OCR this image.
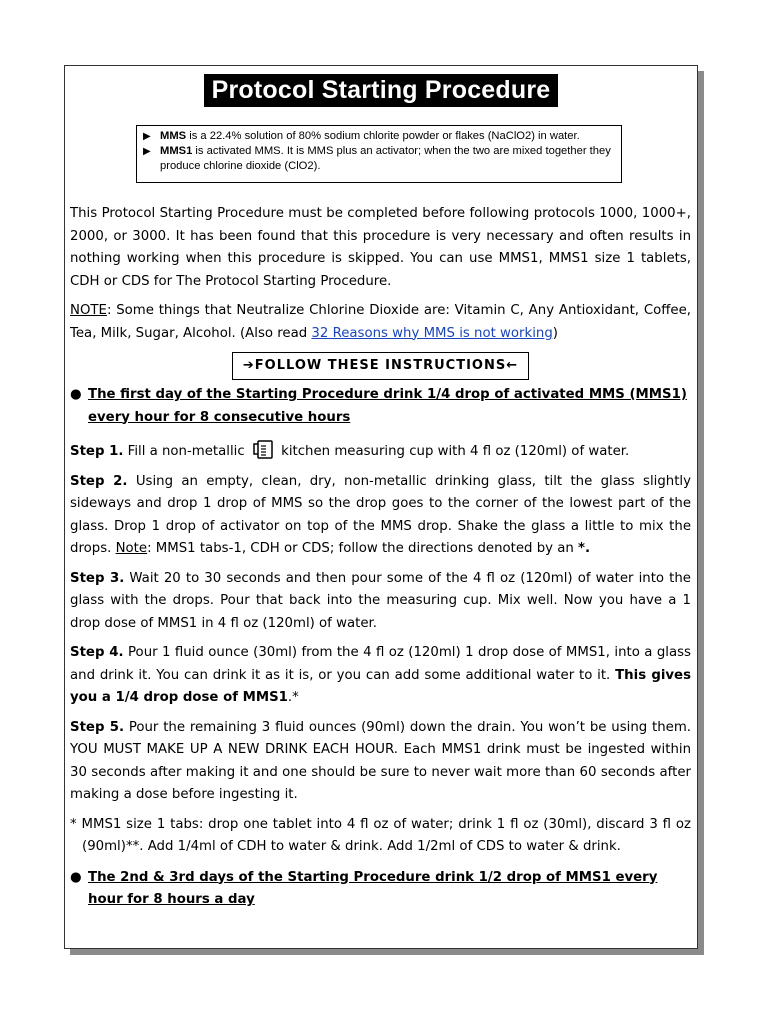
Protocol Starting Procedure
▶ MMS is a 22.4% solution of 80% sodium chlorite powder or flakes (NaClO2) in water.
▶ MMS1 is activated MMS. It is MMS plus an activator; when the two are mixed together they produce chlorine dioxide (ClO2).

This Protocol Starting Procedure must be completed before following protocols 1000, 1000+, 2000, or 3000. It has been found that this procedure is very necessary and often results in nothing working when this procedure is skipped. You can use MMS1, MMS1 size 1 tablets, CDH or CDS for The Protocol Starting Procedure.

NOTE: Some things that Neutralize Chlorine Dioxide are: Vitamin C, Any Antioxidant, Coffee, Tea, Milk, Sugar, Alcohol. (Also read 32 Reasons why MMS is not working)

➔FOLLOW THESE INSTRUCTIONS←
● The first day of the Starting Procedure drink 1/4 drop of activated MMS (MMS1) every hour for 8 consecutive hours

Step 1. Fill a non-metallic  kitchen measuring cup with 4 fl oz (120ml) of water.

Step 2. Using an empty, clean, dry, non-metallic drinking glass, tilt the glass slightly sideways and drop 1 drop of MMS so the drop goes to the corner of the lowest part of the glass. Drop 1 drop of activator on top of the MMS drop. Shake the glass a little to mix the drops. Note: MMS1 tabs-1, CDH or CDS; follow the directions denoted by an *.

Step 3. Wait 20 to 30 seconds and then pour some of the 4 fl oz (120ml) of water into the glass with the drops. Pour that back into the measuring cup. Mix well. Now you have a 1 drop dose of MMS1 in 4 fl oz (120ml) of water.

Step 4. Pour 1 fluid ounce (30ml) from the 4 fl oz (120ml) 1 drop dose of MMS1, into a glass and drink it. You can drink it as it is, or you can add some additional water to it. This gives you a 1/4 drop dose of MMS1.*

Step 5. Pour the remaining 3 fluid ounces (90ml) down the drain. You won’t be using them. YOU MUST MAKE UP A NEW DRINK EACH HOUR. Each MMS1 drink must be ingested within 30 seconds after making it and one should be sure to never wait more than 60 seconds after making a dose before ingesting it.

* MMS1 size 1 tabs: drop one tablet into 4 fl oz of water; drink 1 fl oz (30ml), discard 3 fl oz (90ml)**. Add 1/4ml of CDH to water & drink. Add 1/2ml of CDS to water & drink.

● The 2nd & 3rd days of the Starting Procedure drink 1/2 drop of MMS1 every hour for 8 hours a day
